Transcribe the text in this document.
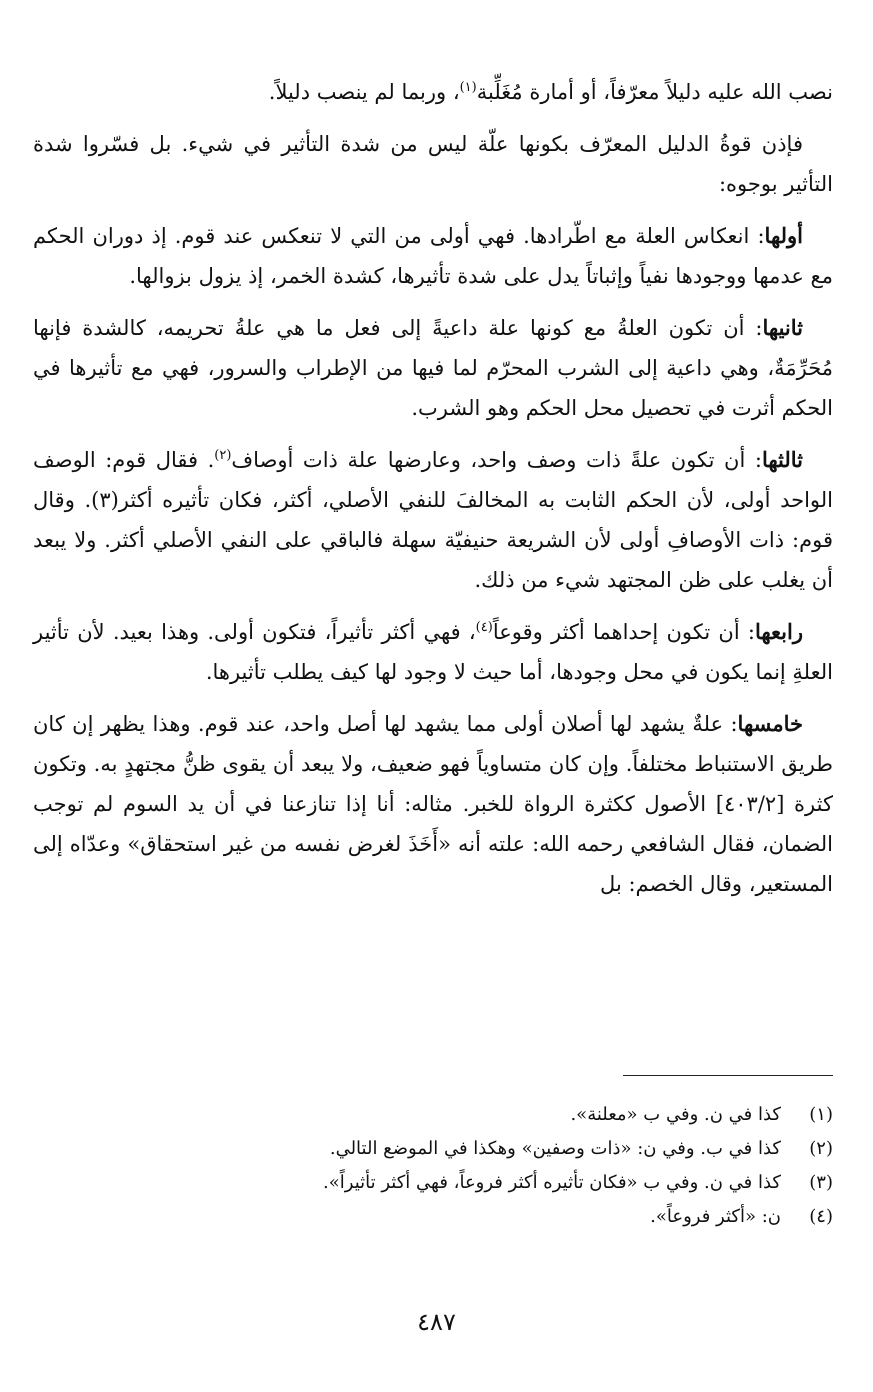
نصب الله عليه دليلاً معرّفاً، أو أمارة مُغَلِّبة$^{(١)}$، وربما لم ينصب دليلاً.

فإذن قوةُ الدليل المعرّف بكونها علّة ليس من شدة التأثير في شيء. بل فسّروا شدة التأثير بوجوه:

أولها: انعكاس العلة مع اطّرادها. فهي أولى من التي لا تنعكس عند قوم. إذ دوران الحكم مع عدمها ووجودها نفياً وإثباتاً يدل على شدة تأثيرها، كشدة الخمر، إذ يزول بزوالها.

ثانيها: أن تكون العلةُ مع كونها علة داعيةً إلى فعل ما هي علةُ تحريمه، كالشدة فإنها مُحَرِّمَةٌ، وهي داعية إلى الشرب المحرّم لما فيها من الإطراب والسرور، فهي مع تأثيرها في الحكم أثرت في تحصيل محل الحكم وهو الشرب.

ثالثها: أن تكون علةً ذات وصف واحد، وعارضها علة ذات أوصاف$^{(٢)}$. فقال قوم: الوصف الواحد أولى، لأن الحكم الثابت به المخالفَ للنفي الأصلي، أكثر، فكان تأثيره أكثر(٣). وقال قوم: ذات الأوصافِ أولى لأن الشريعة حنيفيّة سهلة فالباقي على النفي الأصلي أكثر. ولا يبعد أن يغلب على ظن المجتهد شيء من ذلك.

رابعها: أن تكون إحداهما أكثر وقوعاً$^{(٤)}$، فهي أكثر تأثيراً، فتكون أولى. وهذا بعيد. لأن تأثير العلةِ إنما يكون في محل وجودها، أما حيث لا وجود لها كيف يطلب تأثيرها.

خامسها: علةٌ يشهد لها أصلان أولى مما يشهد لها أصل واحد، عند قوم. وهذا يظهر إن كان طريق الاستنباط مختلفاً. وإن كان متساوياً فهو ضعيف، ولا يبعد أن يقوى ظنُّ مجتهدٍ به. وتكون كثرة [٤٠٣/٢] الأصول ككثرة الرواة للخبر. مثاله: أنا إذا تنازعنا في أن يد السوم لم توجب الضمان، فقال الشافعي رحمه الله: علته أنه «أَخَذَ لغرض نفسه من غير استحقاق» وعدّاه إلى المستعير، وقال الخصم: بل

(١)
كذا في ن. وفي ب «معلنة».
(٢)
كذا في ب. وفي ن: «ذات وصفين» وهكذا في الموضع التالي.
(٣)
كذا في ن. وفي ب «فكان تأثيره أكثر فروعاً، فهي أكثر تأثيراً».
(٤)
ن: «أكثر فروعاً».
٤٨٧
